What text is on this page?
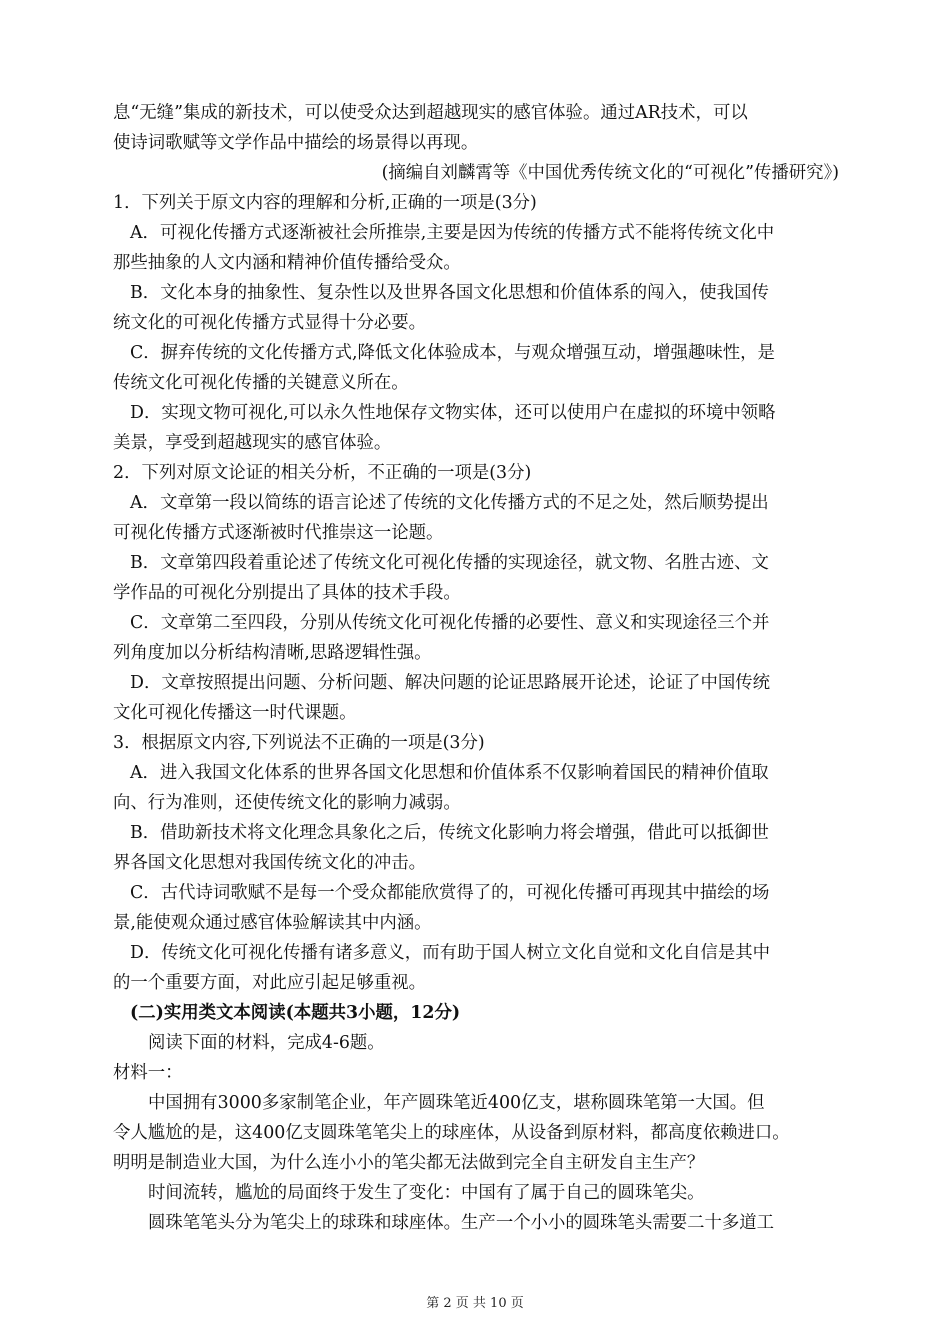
息“无缝”集成的新技术，可以使受众达到超越现实的感官体验。通过AR技术，可以
使诗词歌赋等文学作品中描绘的场景得以再现。
(摘编自刘麟霄等《中国优秀传统文化的“可视化”传播研究》)
1．下列关于原文内容的理解和分析,正确的一项是(3分)
A．可视化传播方式逐渐被社会所推崇,主要是因为传统的传播方式不能将传统文化中
那些抽象的人文内涵和精神价值传播给受众。
B．文化本身的抽象性、复杂性以及世界各国文化思想和价值体系的闯入，使我国传
统文化的可视化传播方式显得十分必要。
C．摒弃传统的文化传播方式,降低文化体验成本，与观众增强互动，增强趣味性，是
传统文化可视化传播的关键意义所在。
D．实现文物可视化,可以永久性地保存文物实体，还可以使用户在虚拟的环境中领略
美景，享受到超越现实的感官体验。
2．下列对原文论证的相关分析，不正确的一项是(3分)
A．文章第一段以简练的语言论述了传统的文化传播方式的不足之处，然后顺势提出
可视化传播方式逐渐被时代推崇这一论题。
B．文章第四段着重论述了传统文化可视化传播的实现途径，就文物、名胜古迹、文
学作品的可视化分别提出了具体的技术手段。
C．文章第二至四段，分别从传统文化可视化传播的必要性、意义和实现途径三个并
列角度加以分析结构清晰,思路逻辑性强。
D．文章按照提出问题、分析问题、解决问题的论证思路展开论述，论证了中国传统
文化可视化传播这一时代课题。
3．根据原文内容,下列说法不正确的一项是(3分)
A．进入我国文化体系的世界各国文化思想和价值体系不仅影响着国民的精神价值取
向、行为准则，还使传统文化的影响力减弱。
B．借助新技术将文化理念具象化之后，传统文化影响力将会增强，借此可以抵御世
界各国文化思想对我国传统文化的冲击。
C．古代诗词歌赋不是每一个受众都能欣赏得了的，可视化传播可再现其中描绘的场
景,能使观众通过感官体验解读其中内涵。
D．传统文化可视化传播有诸多意义，而有助于国人树立文化自觉和文化自信是其中
的一个重要方面，对此应引起足够重视。
(二)实用类文本阅读(本题共3小题，12分)
阅读下面的材料，完成4-6题。
材料一：
中国拥有3000多家制笔企业，年产圆珠笔近400亿支，堪称圆珠笔第一大国。但
令人尴尬的是，这400亿支圆珠笔笔尖上的球座体，从设备到原材料，都高度依赖进口。
明明是制造业大国，为什么连小小的笔尖都无法做到完全自主研发自主生产？
时间流转，尴尬的局面终于发生了变化：中国有了属于自己的圆珠笔尖。
圆珠笔笔头分为笔尖上的球珠和球座体。生产一个小小的圆珠笔头需要二十多道工
第 2 页 共 10 页
